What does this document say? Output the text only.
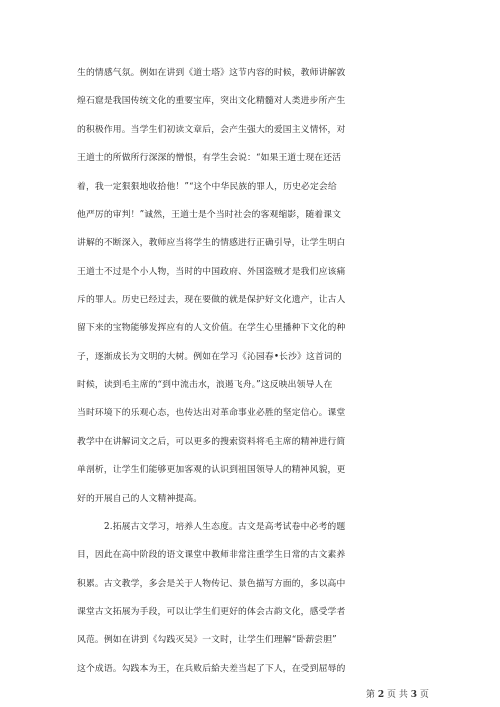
生的情感气氛。例如在讲到《道士塔》这节内容的时候，教师讲解敦
煌石窟是我国传统文化的重要宝库，突出文化精髓对人类进步所产生
的积极作用。当学生们初读文章后，会产生强大的爱国主义情怀，对
王道士的所做所行深深的憎恨，有学生会说：“如果王道士现在还活
着，我一定狠狠地收拾他！”“这个中华民族的罪人，历史必定会给
他严厉的审判！”诚然，王道士是个当时社会的客观缩影，随着课文
讲解的不断深入，教师应当将学生的情感进行正确引导，让学生明白
王道士不过是个小人物，当时的中国政府、外国盗贼才是我们应该痛
斥的罪人。历史已经过去，现在要做的就是保护好文化遗产，让古人
留下来的宝物能够发挥应有的人文价值。在学生心里播种下文化的种
子，逐渐成长为文明的大树。例如在学习《沁园春•长沙》这首词的
时候，读到毛主席的“到中流击水，浪遏飞舟。”这反映出领导人在
当时环境下的乐观心态，也传达出对革命事业必胜的坚定信心。课堂
教学中在讲解词文之后，可以更多的搜索资料将毛主席的精神进行简
单剖析，让学生们能够更加客观的认识到祖国领导人的精神风貌，更
好的开展自己的人文精神提高。
2.拓展古文学习，培养人生态度。古文是高考试卷中必考的题
目，因此在高中阶段的语文课堂中教师非常注重学生日常的古文素养
积累。古文教学，多会是关于人物传记、景色描写方面的，多以高中
课堂古文拓展为手段，可以让学生们更好的体会古韵文化，感受学者
风范。例如在讲到《勾践灭吴》一文时，让学生们理解“卧薪尝胆”
这个成语。勾践本为王，在兵败后給夫差当起了下人，在受到屈辱的
第 2 页 共 3 页
